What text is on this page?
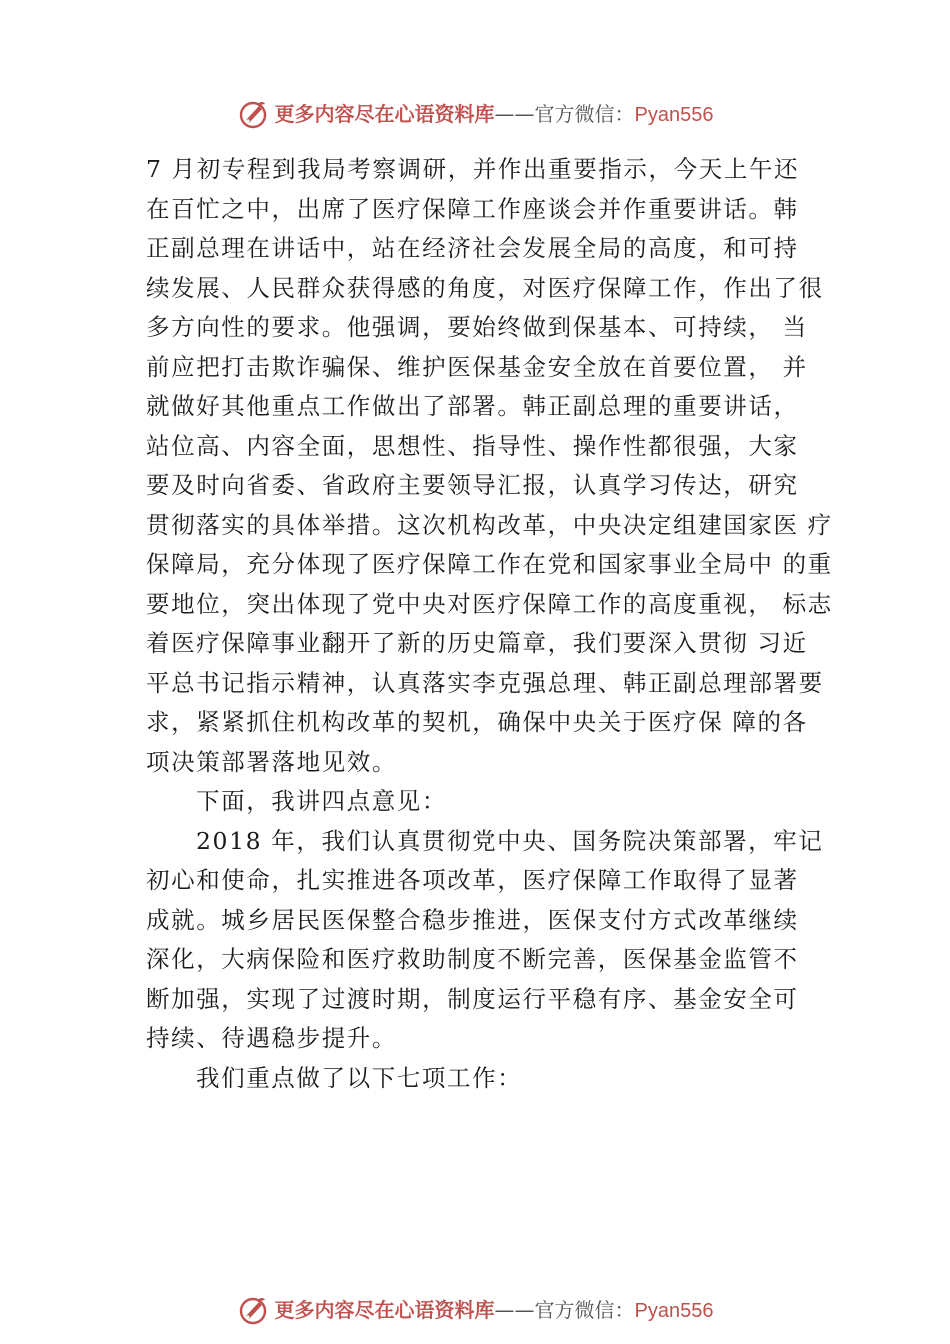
更多内容尽在心语资料库——官方微信：Pyan556
7 月初专程到我局考察调研，并作出重要指示，今天上午还
在百忙之中，出席了医疗保障工作座谈会并作重要讲话。韩
正副总理在讲话中，站在经济社会发展全局的高度，和可持
续发展、人民群众获得感的角度，对医疗保障工作，作出了很
多方向性的要求。他强调，要始终做到保基本、可持续， 当
前应把打击欺诈骗保、维护医保基金安全放在首要位置， 并
就做好其他重点工作做出了部署。韩正副总理的重要讲话，
站位高、内容全面，思想性、指导性、操作性都很强，大家
要及时向省委、省政府主要领导汇报，认真学习传达，研究
贯彻落实的具体举措。这次机构改革，中央决定组建国家医 疗
保障局，充分体现了医疗保障工作在党和国家事业全局中 的重
要地位，突出体现了党中央对医疗保障工作的高度重视， 标志
着医疗保障事业翻开了新的历史篇章，我们要深入贯彻 习近
平总书记指示精神，认真落实李克强总理、韩正副总理部署要
求，紧紧抓住机构改革的契机，确保中央关于医疗保 障的各
项决策部署落地见效。
下面，我讲四点意见：
2018 年，我们认真贯彻党中央、国务院决策部署，牢记
初心和使命，扎实推进各项改革，医疗保障工作取得了显著
成就。城乡居民医保整合稳步推进，医保支付方式改革继续
深化，大病保险和医疗救助制度不断完善，医保基金监管不
断加强，实现了过渡时期，制度运行平稳有序、基金安全可
持续、待遇稳步提升。
我们重点做了以下七项工作：
更多内容尽在心语资料库——官方微信：Pyan556
